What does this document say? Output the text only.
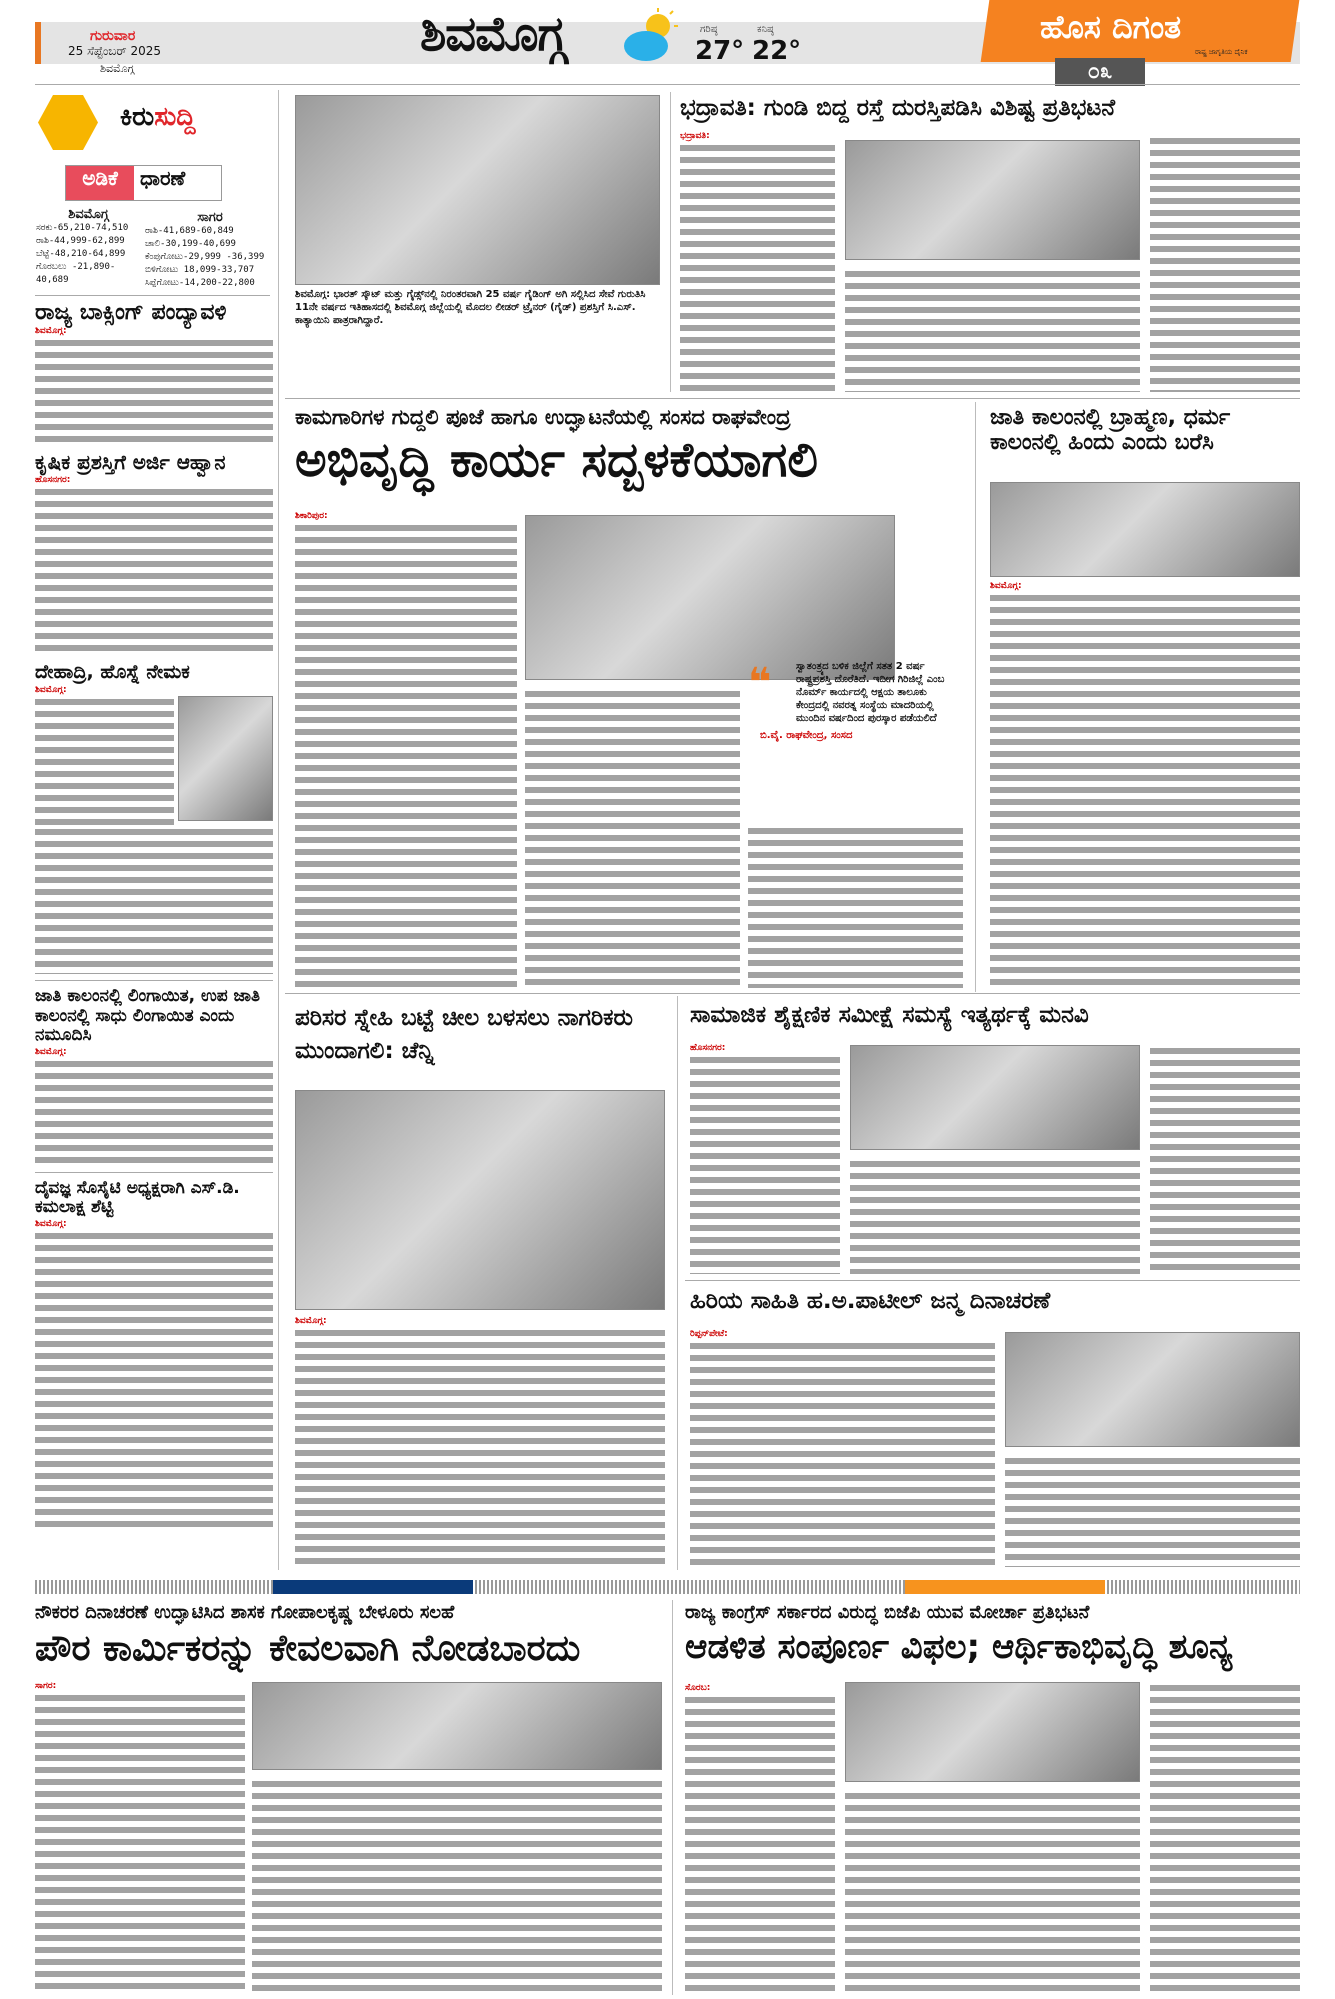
ಗುರುವಾರ
25 ಸೆಪ್ಟೆಂಬರ್ 2025
ಶಿವಮೊಗ್ಗ
ಶಿವಮೊಗ್ಗ	ಗರಿಷ್ಠ
27°
ಕನಿಷ್ಠ
22°
ಹೊಸ ದಿಗಂತ
ರಾಷ್ಟ್ರ ಜಾಗೃತಿಯ ದೈನಿಕ
೦೩
ಕಿರುಸುದ್ದಿ
ಅಡಿಕೆ	ಧಾರಣೆ
ಶಿವಮೊಗ್ಗ
ಸರಕು-65,210-74,510
ರಾಶಿ-44,999-62,899
ಬೆಟ್ಟೆ-48,210-64,899
ಗೊರಬಲು -21,890-40,689
ಸಾಗರ
ರಾಶಿ-41,689-60,849
ಚಾಲಿ-30,199-40,699
ಕೆಂಪುಗೋಟು-29,999 -36,399
ಬಿಳಿಗೋಟು 18,099-33,707
ಸಿಪ್ಪೆಗೋಟು-14,200-22,800
ರಾಜ್ಯ ಬಾಕ್ಸಿಂಗ್ ಪಂದ್ಯಾವಳಿ
ಶಿವಮೊಗ್ಗ:
ಕೃಷಿಕ ಪ್ರಶಸ್ತಿಗೆ ಅರ್ಜಿ ಆಹ್ವಾನ
ಹೊಸನಗರ:
ದೇಹಾದ್ರಿ, ಹೊಸ್ನೆ ನೇಮಕ
ಶಿವಮೊಗ್ಗ:
ಜಾತಿ ಕಾಲಂನಲ್ಲಿ ಲಿಂಗಾಯಿತ, ಉಪ ಜಾತಿ ಕಾಲಂನಲ್ಲಿ ಸಾಧು ಲಿಂಗಾಯಿತ ಎಂದು ನಮೂದಿಸಿ
ಶಿವಮೊಗ್ಗ:
ದೈವಜ್ಞ ಸೊಸೈಟಿ ಅಧ್ಯಕ್ಷರಾಗಿ ಎಸ್.ಡಿ. ಕಮಲಾಕ್ಷ ಶೆಟ್ಟಿ
ಶಿವಮೊಗ್ಗ:
ಶಿವಮೊಗ್ಗ: ಭಾರತ್ ಸ್ಕೌಟ್ ಮತ್ತು ಗೈಡ್ಸ್‌ನಲ್ಲಿ ನಿರಂತರವಾಗಿ 25 ವರ್ಷ ಗೈಡಿಂಗ್ ಅಗಿ ಸಲ್ಲಿಸಿದ ಸೇವೆ ಗುರುತಿಸಿ 11ನೇ ವರ್ಷದ ಇತಿಹಾಸದಲ್ಲಿ ಶಿವಮೊಗ್ಗ ಜಿಲ್ಲೆಯಲ್ಲಿ ಮೊದಲ ಲೀಡರ್ ಟ್ರೈನರ್ (ಗೈಡ್) ಪ್ರಶಸ್ತಿಗೆ ಸಿ.ಎಸ್. ಕಾತ್ಯಾಯಿನಿ ಪಾತ್ರರಾಗಿದ್ದಾರೆ.
ಭದ್ರಾವತಿ: ಗುಂಡಿ ಬಿದ್ದ ರಸ್ತೆ ದುರಸ್ತಿಪಡಿಸಿ ವಿಶಿಷ್ಟ ಪ್ರತಿಭಟನೆ
ಭದ್ರಾವತಿ:
ಕಾಮಗಾರಿಗಳ ಗುದ್ದಲಿ ಪೂಜೆ ಹಾಗೂ ಉದ್ಘಾಟನೆಯಲ್ಲಿ ಸಂಸದ ರಾಘವೇಂದ್ರ
ಅಭಿವೃದ್ಧಿ ಕಾರ್ಯ ಸದ್ಬಳಕೆಯಾಗಲಿ
ಶಿಕಾರಿಪುರ:
❝ ಸ್ವಾತಂತ್ರ್ಯದ ಬಳಿಕ ಜಿಲ್ಲೆಗೆ ಸತತ 2 ವರ್ಷ ರಾಷ್ಟ್ರಪ್ರಶಸ್ತಿ ದೊರೆತಿದೆ. ಇದೀಗ ಗಿರಿಜಿಲ್ಲೆ ಎಂಬ ನೊರ್ಮ್ ಕಾರ್ಯದಲ್ಲಿ ಆಕ್ಷಯ ತಾಲೂಕು ಕೇಂದ್ರದಲ್ಲಿ ನವರತ್ನ ಸಂಸ್ಥೆಯ ಮಾದರಿಯಲ್ಲಿ ಮುಂದಿನ ವರ್ಷದಿಂದ ಪುರಸ್ಕಾರ ಪಡೆಯಲಿದೆ
ಬಿ.ವೈ. ರಾಘವೇಂದ್ರ, ಸಂಸದ
ಜಾತಿ ಕಾಲಂನಲ್ಲಿ ಬ್ರಾಹ್ಮಣ, ಧರ್ಮ ಕಾಲಂನಲ್ಲಿ ಹಿಂದು ಎಂದು ಬರೆಸಿ
ಶಿವಮೊಗ್ಗ:
ಪರಿಸರ ಸ್ನೇಹಿ ಬಟ್ಟೆ ಚೀಲ ಬಳಸಲು ನಾಗರಿಕರು ಮುಂದಾಗಲಿ: ಚೆನ್ನಿ
ಶಿವಮೊಗ್ಗ:
ಸಾಮಾಜಿಕ ಶೈಕ್ಷಣಿಕ ಸಮೀಕ್ಷೆ ಸಮಸ್ಯೆ ಇತ್ಯರ್ಥಕ್ಕೆ ಮನವಿ
ಹೊಸನಗರ:
ಹಿರಿಯ ಸಾಹಿತಿ ಹ.ಅ.ಪಾಟೀಲ್ ಜನ್ಮ ದಿನಾಚರಣೆ
ರಿಪ್ಪನ್‌ಪೇಟೆ:
ನೌಕರರ ದಿನಾಚರಣೆ ಉದ್ಘಾಟಿಸಿದ ಶಾಸಕ ಗೋಪಾಲಕೃಷ್ಣ ಬೇಳೂರು ಸಲಹೆ
ಪೌರ ಕಾರ್ಮಿಕರನ್ನು ಕೇವಲವಾಗಿ ನೋಡಬಾರದು
ಸಾಗರ:
ರಾಜ್ಯ ಕಾಂಗ್ರೆಸ್ ಸರ್ಕಾರದ ವಿರುದ್ಧ ಬಿಜೆಪಿ ಯುವ ಮೋರ್ಚಾ ಪ್ರತಿಭಟನೆ
ಆಡಳಿತ ಸಂಪೂರ್ಣ ವಿಫಲ; ಆರ್ಥಿಕಾಭಿವೃದ್ಧಿ ಶೂನ್ಯ
ಸೊರಬ:
